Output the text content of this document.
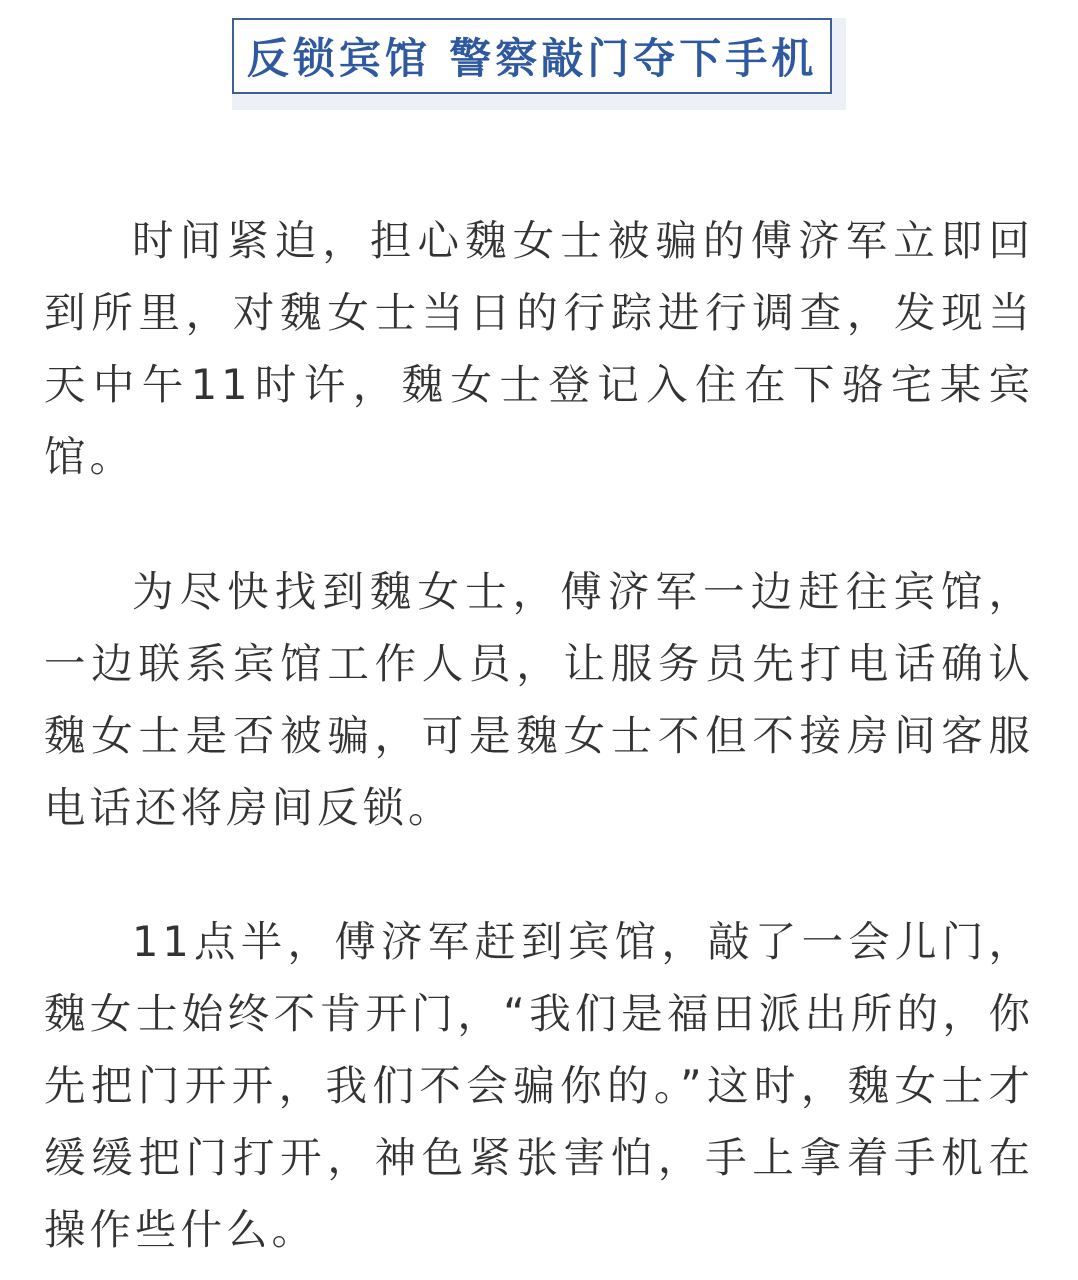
反锁宾馆 警察敲门夺下手机

时间紧迫，担心魏女士被骗的傅济军立即回到所里，对魏女士当日的行踪进行调查，发现当天中午11时许，魏女士登记入住在下骆宅某宾馆。

为尽快找到魏女士，傅济军一边赶往宾馆，一边联系宾馆工作人员，让服务员先打电话确认魏女士是否被骗，可是魏女士不但不接房间客服电话还将房间反锁。

11点半，傅济军赶到宾馆，敲了一会儿门，魏女士始终不肯开门，“我们是福田派出所的，你先把门开开，我们不会骗你的。”这时，魏女士才缓缓把门打开，神色紧张害怕，手上拿着手机在操作些什么。
